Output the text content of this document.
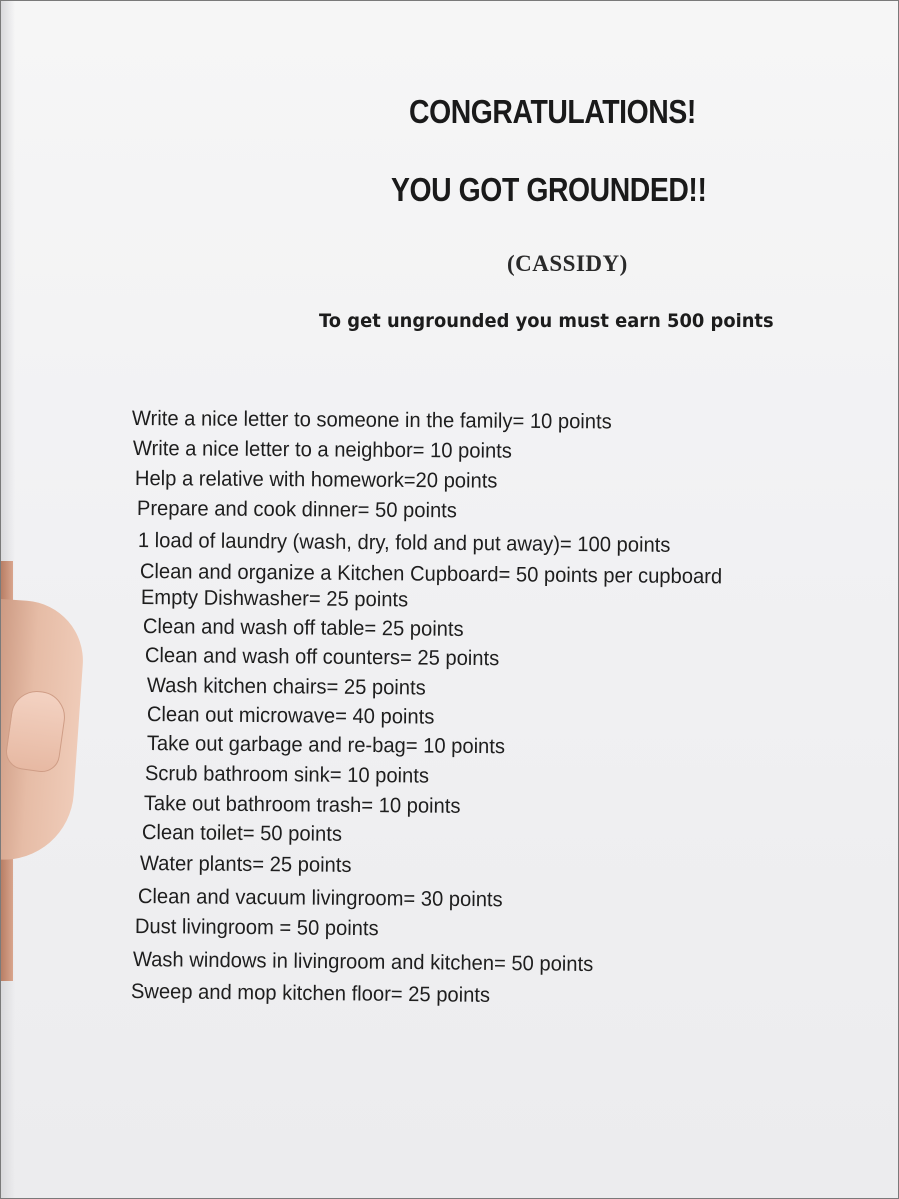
CONGRATULATIONS!
YOU GOT GROUNDED!!
(CASSIDY)
To get ungrounded you must earn 500 points
Write a nice letter to someone in the family= 10 points
Write a nice letter to a neighbor= 10 points
Help a relative with homework=20 points
Prepare and cook dinner= 50 points
1 load of laundry (wash, dry, fold and put away)= 100 points
Clean and organize a Kitchen Cupboard= 50 points per cupboard
Empty Dishwasher= 25 points
Clean and wash off table= 25 points
Clean and wash off counters= 25 points
Wash kitchen chairs= 25 points
Clean out microwave= 40 points
Take out garbage and re-bag= 10 points
Scrub bathroom sink= 10 points
Take out bathroom trash= 10 points
Clean toilet= 50 points
Water plants= 25 points
Clean and vacuum livingroom= 30 points
Dust livingroom = 50 points
Wash windows in livingroom and kitchen= 50 points
Sweep and mop kitchen floor= 25 points
